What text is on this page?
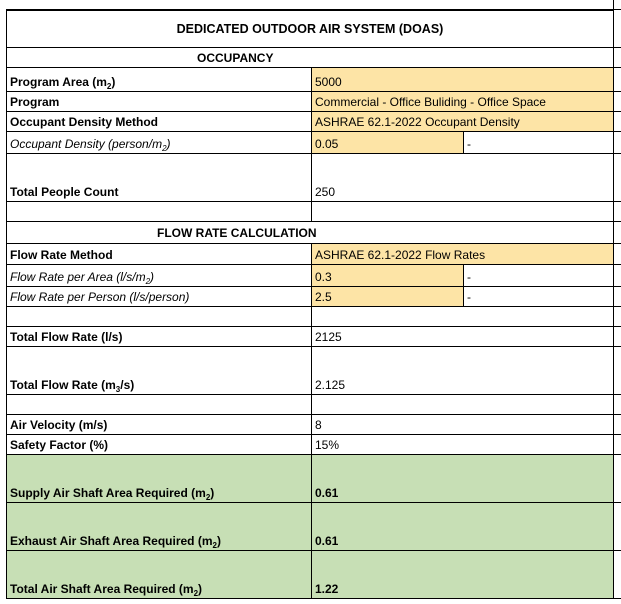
DEDICATED OUTDOOR AIR SYSTEM (DOAS)
OCCUPANCY
Program Area ($m^2$ )	5000
Program	Commercial - Office Buliding - Office Space
Occupant Density Method	ASHRAE 62.1-2022 Occupant Density
Occupant Density ($person/m^2$ )	0.05	-
Total People Count	250
FLOW RATE CALCULATION
Flow Rate Method	ASHRAE 62.1-2022 Flow Rates
Flow Rate per Area ($l/s/m^2$ )	0.3	-
Flow Rate per Person (l/s/person)	2.5	-
Total Flow Rate (l/s)	2125
Total Flow Rate ($m^3$ /s)	2.125
Air Velocity (m/s)	8
Safety Factor (%)	15%
Supply Air Shaft Area Required ($m^2$ )	0.61
Exhaust Air Shaft Area Required ($m^2$ )	0.61
Total Air Shaft Area Required ($m^2$ )	1.22
